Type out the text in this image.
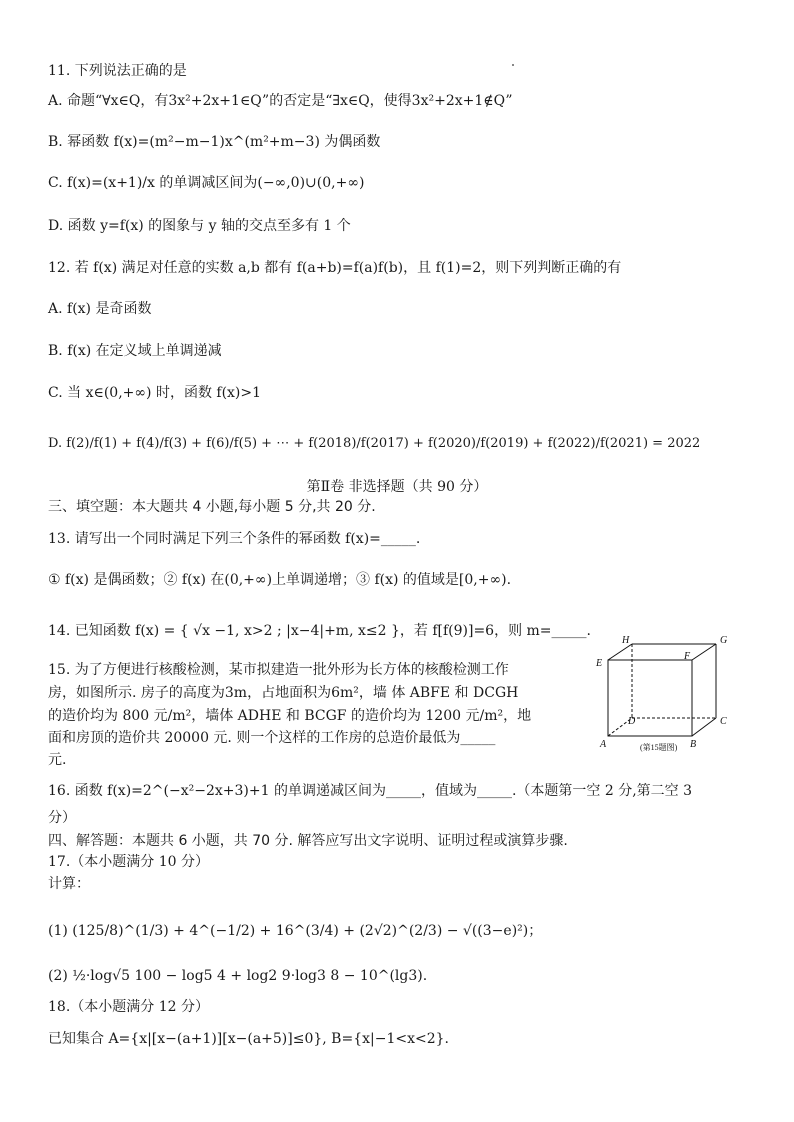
11. 下列说法正确的是
A. 命题“∀x∈Q，有3x²+2x+1∈Q”的否定是“∃x∈Q，使得3x²+2x+1∉Q”
B. 幂函数 f(x)=(m²−m−1)x^(m²+m−3) 为偶函数
C. f(x)=(x+1)/x 的单调减区间为(−∞,0)∪(0,+∞)
D. 函数 y=f(x) 的图象与 y 轴的交点至多有 1 个
12. 若 f(x) 满足对任意的实数 a,b 都有 f(a+b)=f(a)f(b)，且 f(1)=2，则下列判断正确的有
A. f(x) 是奇函数
B. f(x) 在定义域上单调递减
C. 当 x∈(0,+∞) 时，函数 f(x)>1
D. f(2)/f(1) + f(4)/f(3) + f(6)/f(5) + ⋯ + f(2018)/f(2017) + f(2020)/f(2019) + f(2022)/f(2021) = 2022
第Ⅱ卷 非选择题（共 90 分）
三、填空题：本大题共 4 小题,每小题 5 分,共 20 分.
13. 请写出一个同时满足下列三个条件的幂函数 f(x)=_____.
① f(x) 是偶函数；② f(x) 在(0,+∞)上单调递增；③ f(x) 的值域是[0,+∞).
14. 已知函数 f(x) = { √x −1, x>2 ; |x−4|+m, x≤2 }，若 f[f(9)]=6，则 m=_____.
15. 为了方便进行核酸检测，某市拟建造一批外形为长方体的核酸检测工作
房，如图所示. 房子的高度为3m，占地面积为6m²，墙 体 ABFE 和 DCGH
的造价均为 800 元/m²，墙体 ADHE 和 BCGF 的造价均为 1200 元/m²，地
面和房顶的造价共 20000 元. 则一个这样的工作房的总造价最低为_____
元.
H	G
E
F
D	C
A	B
(第15题图)
16. 函数 f(x)=2^(−x²−2x+3)+1 的单调递减区间为_____，值域为_____.（本题第一空 2 分,第二空 3
分）
四、解答题：本题共 6 小题，共 70 分. 解答应写出文字说明、证明过程或演算步骤.
17.（本小题满分 10 分）
计算：
(1) (125/8)^(1/3) + 4^(−1/2) + 16^(3/4) + (2√2)^(2/3) − √((3−e)²)；
(2) ½·log√5 100 − log5 4 + log2 9·log3 8 − 10^(lg3).
18.（本小题满分 12 分）
已知集合 A={x|[x−(a+1)][x−(a+5)]≤0}, B={x|−1<x<2}.
